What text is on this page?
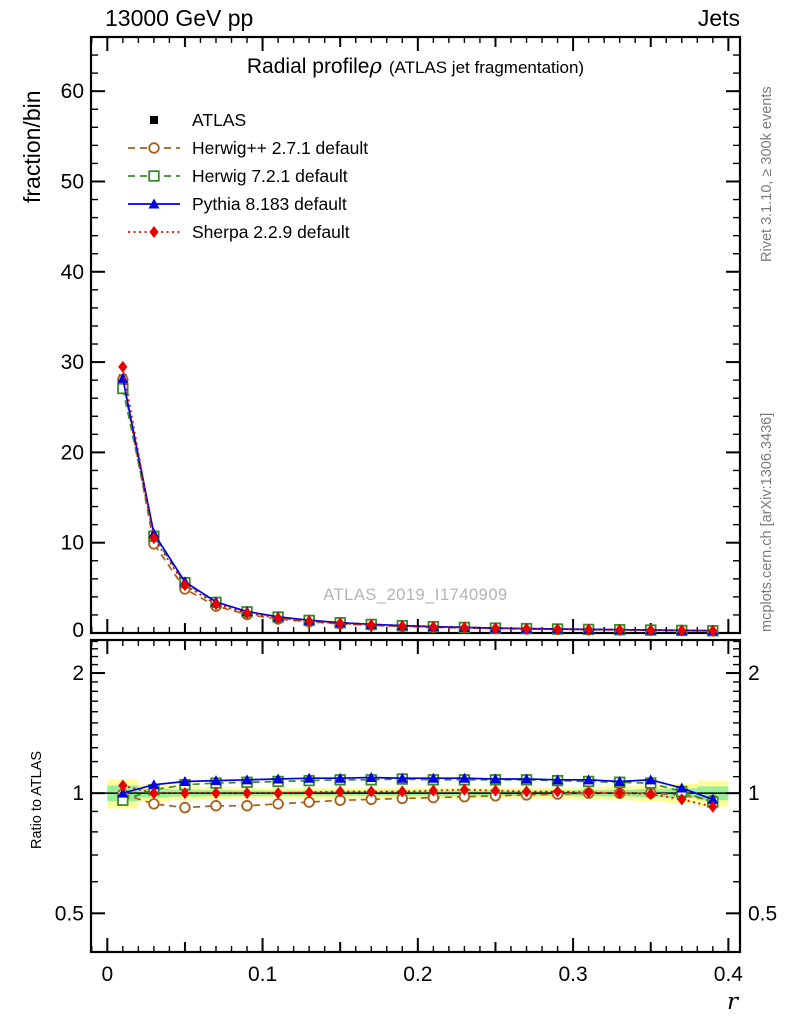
0	0.1	0.2	0.3	0.4
0
10
20
30
40
50
60
0.5	0.5
1	1
2	2
fraction/bin
Ratio to ATLAS
Rivet 3.1.10, ≥ 300k events
mcplots.cern.ch [arXiv:1306.3436]
r
13000 GeV pp	Jets
Radial profileρ (ATLAS jet fragmentation)
ATLAS
Herwig++ 2.7.1 default
Herwig 7.2.1 default
Pythia 8.183 default
Sherpa 2.2.9 default
ATLAS_2019_I1740909
